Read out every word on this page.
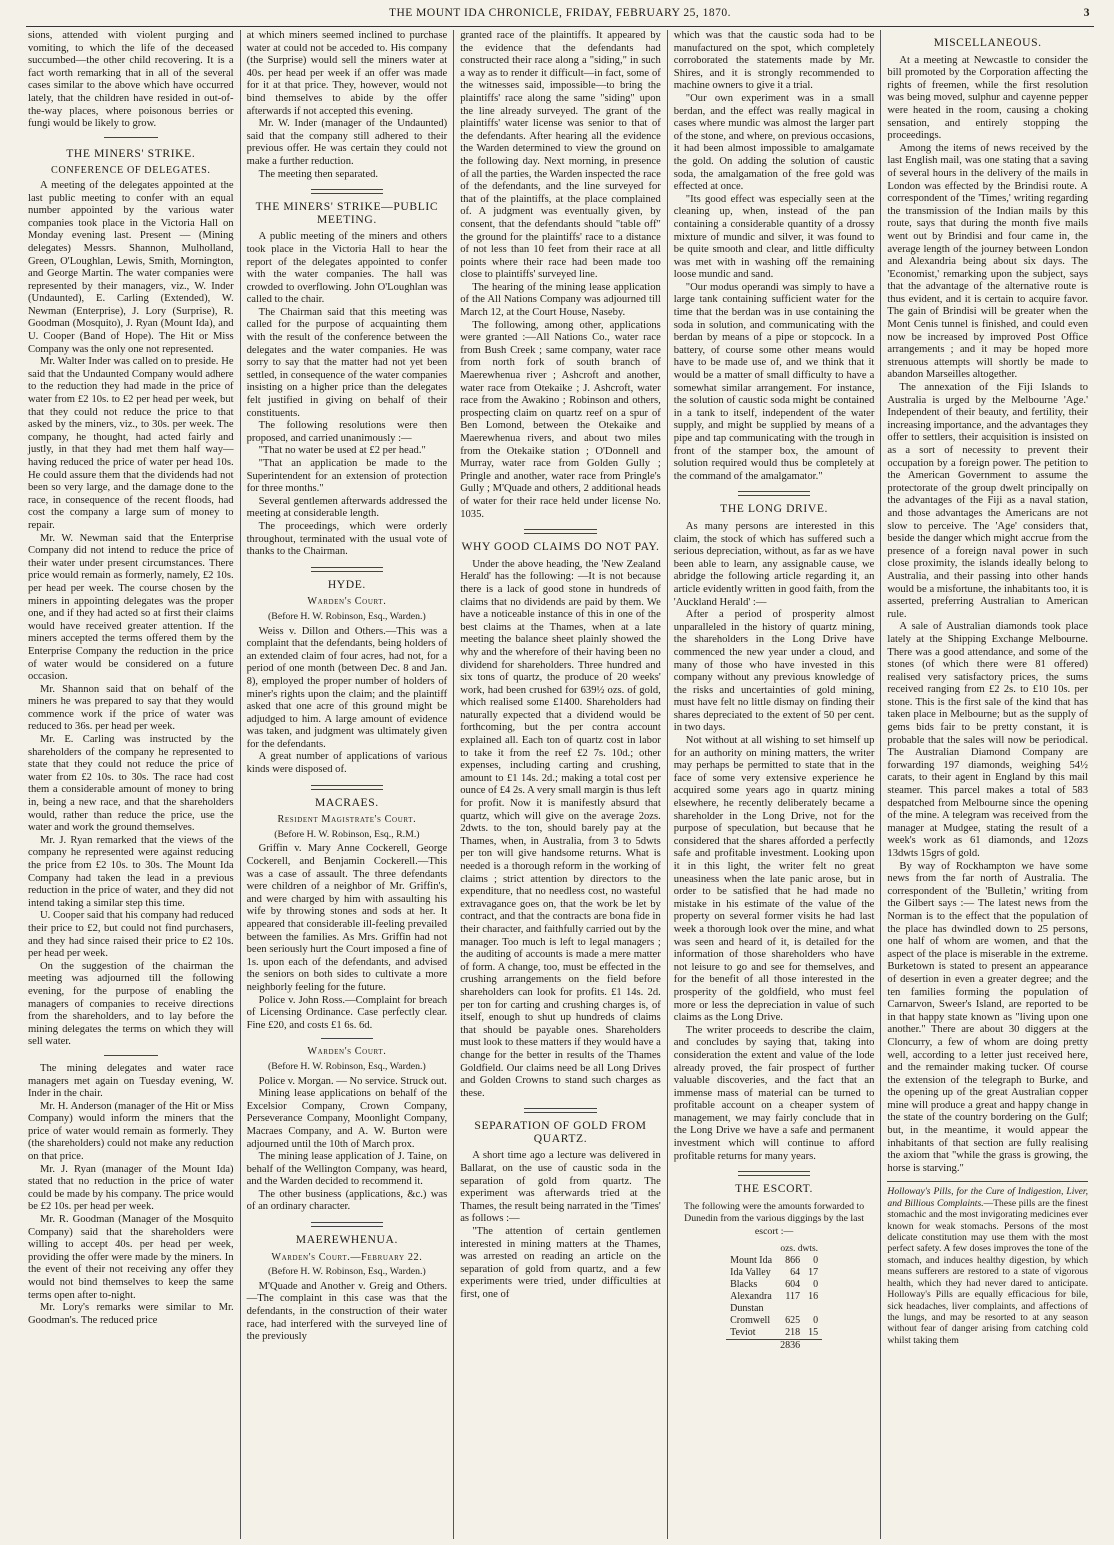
THE MOUNT IDA CHRONICLE, FRIDAY, FEBRUARY 25, 1870.	3

sions, attended with violent purging and vomiting, to which the life of the deceased succumbed—the other child recovering. It is a fact worth remarking that in all of the several cases similar to the above which have occurred lately, that the children have resided in out-of-the-way places, where poisonous berries or fungi would be likely to grow.

THE MINERS' STRIKE.
CONFERENCE OF DELEGATES.

A meeting of the delegates appointed at the last public meeting to confer with an equal number appointed by the various water companies took place in the Victoria Hall on Monday evening last. Present — (Mining delegates) Messrs. Shannon, Mulholland, Green, O'Loughlan, Lewis, Smith, Mornington, and George Martin. The water companies were represented by their managers, viz., W. Inder (Undaunted), E. Carling (Extended), W. Newman (Enterprise), J. Lory (Surprise), R. Goodman (Mosquito), J. Ryan (Mount Ida), and U. Cooper (Band of Hope). The Hit or Miss Company was the only one not represented.

Mr. Walter Inder was called on to preside. He said that the Undaunted Company would adhere to the reduction they had made in the price of water from £2 10s. to £2 per head per week, but that they could not reduce the price to that asked by the miners, viz., to 30s. per week. The company, he thought, had acted fairly and justly, in that they had met them half way—having reduced the price of water per head 10s. He could assure them that the dividends had not been so very large, and the damage done to the race, in consequence of the recent floods, had cost the company a large sum of money to repair.

Mr. W. Newman said that the Enterprise Company did not intend to reduce the price of their water under present circumstances. There price would remain as formerly, namely, £2 10s. per head per week. The course chosen by the miners in appointing delegates was the proper one, and if they had acted so at first their claims would have received greater attention. If the miners accepted the terms offered them by the Enterprise Company the reduction in the price of water would be considered on a future occasion.

Mr. Shannon said that on behalf of the miners he was prepared to say that they would commence work if the price of water was reduced to 36s. per head per week.

Mr. E. Carling was instructed by the shareholders of the company he represented to state that they could not reduce the price of water from £2 10s. to 30s. The race had cost them a considerable amount of money to bring in, being a new race, and that the shareholders would, rather than reduce the price, use the water and work the ground themselves.

Mr. J. Ryan remarked that the views of the company he represented were against reducing the price from £2 10s. to 30s. The Mount Ida Company had taken the lead in a previous reduction in the price of water, and they did not intend taking a similar step this time.

U. Cooper said that his company had reduced their price to £2, but could not find purchasers, and they had since raised their price to £2 10s. per head per week.

On the suggestion of the chairman the meeting was adjourned till the following evening, for the purpose of enabling the managers of companies to receive directions from the shareholders, and to lay before the mining delegates the terms on which they will sell water.

The mining delegates and water race managers met again on Tuesday evening, W. Inder in the chair.

Mr. H. Anderson (manager of the Hit or Miss Company) would inform the miners that the price of water would remain as formerly. They (the shareholders) could not make any reduction on that price.

Mr. J. Ryan (manager of the Mount Ida) stated that no reduction in the price of water could be made by his company. The price would be £2 10s. per head per week.

Mr. R. Goodman (Manager of the Mosquito Company) said that the shareholders were willing to accept 40s. per head per week, providing the offer were made by the miners. In the event of their not receiving any offer they would not bind themselves to keep the same terms open after to-night.

Mr. Lory's remarks were similar to Mr. Goodman's. The reduced price

at which miners seemed inclined to purchase water at could not be acceded to. His company (the Surprise) would sell the miners water at 40s. per head per week if an offer was made for it at that price. They, however, would not bind themselves to abide by the offer afterwards if not accepted this evening.

Mr. W. Inder (manager of the Undaunted) said that the company still adhered to their previous offer. He was certain they could not make a further reduction.

The meeting then separated.

THE MINERS' STRIKE—PUBLIC MEETING.

A public meeting of the miners and others took place in the Victoria Hall to hear the report of the delegates appointed to confer with the water companies. The hall was crowded to overflowing. John O'Loughlan was called to the chair.

The Chairman said that this meeting was called for the purpose of acquainting them with the result of the conference between the delegates and the water companies. He was sorry to say that the matter had not yet been settled, in consequence of the water companies insisting on a higher price than the delegates felt justified in giving on behalf of their constituents.

The following resolutions were then proposed, and carried unanimously :—

"That no water be used at £2 per head."

"That an application be made to the Superintendent for an extension of protection for three months."

Several gentlemen afterwards addressed the meeting at considerable length.

The proceedings, which were orderly throughout, terminated with the usual vote of thanks to the Chairman.

HYDE.
Warden's Court.
(Before H. W. Robinson, Esq., Warden.)

Weiss v. Dillon and Others.—This was a complaint that the defendants, being holders of an extended claim of four acres, had not, for a period of one month (between Dec. 8 and Jan. 8), employed the proper number of holders of miner's rights upon the claim; and the plaintiff asked that one acre of this ground might be adjudged to him. A large amount of evidence was taken, and judgment was ultimately given for the defendants.

A great number of applications of various kinds were disposed of.

MACRAES.
Resident Magistrate's Court.
(Before H. W. Robinson, Esq., R.M.)

Griffin v. Mary Anne Cockerell, George Cockerell, and Benjamin Cockerell.—This was a case of assault. The three defendants were children of a neighbor of Mr. Griffin's, and were charged by him with assaulting his wife by throwing stones and sods at her. It appeared that considerable ill-feeling prevailed between the families. As Mrs. Griffin had not been seriously hurt the Court imposed a fine of 1s. upon each of the defendants, and advised the seniors on both sides to cultivate a more neighborly feeling for the future.

Police v. John Ross.—Complaint for breach of Licensing Ordinance. Case perfectly clear. Fine £20, and costs £1 6s. 6d.

Warden's Court.
(Before H. W. Robinson, Esq., Warden.)

Police v. Morgan. — No service. Struck out.

Mining lease applications on behalf of the Excelsior Company, Crown Company, Perseverance Company, Moonlight Company, Macraes Company, and A. W. Burton were adjourned until the 10th of March prox.

The mining lease application of J. Taine, on behalf of the Wellington Company, was heard, and the Warden decided to recommend it.

The other business (applications, &c.) was of an ordinary character.

MAEREWHENUA.
Warden's Court.—February 22.
(Before H. W. Robinson, Esq., Warden.)

M'Quade and Another v. Greig and Others.—The complaint in this case was that the defendants, in the construction of their water race, had interfered with the surveyed line of the previously

granted race of the plaintiffs. It appeared by the evidence that the defendants had constructed their race along a "siding," in such a way as to render it difficult—in fact, some of the witnesses said, impossible—to bring the plaintiffs' race along the same "siding" upon the line already surveyed. The grant of the plaintiffs' water license was senior to that of the defendants. After hearing all the evidence the Warden determined to view the ground on the following day. Next morning, in presence of all the parties, the Warden inspected the race of the defendants, and the line surveyed for that of the plaintiffs, at the place complained of. A judgment was eventually given, by consent, that the defendants should "table off" the ground for the plaintiffs' race to a distance of not less than 10 feet from their race at all points where their race had been made too close to plaintiffs' surveyed line.

The hearing of the mining lease application of the All Nations Company was adjourned till March 12, at the Court House, Naseby.

The following, among other, applications were granted :—All Nations Co., water race from Bush Creek ; same company, water race from north fork of south branch of Maerewhenua river ; Ashcroft and another, water race from Otekaike ; J. Ashcroft, water race from the Awakino ; Robinson and others, prospecting claim on quartz reef on a spur of Ben Lomond, between the Otekaike and Maerewhenua rivers, and about two miles from the Otekaike station ; O'Donnell and Murray, water race from Golden Gully ; Pringle and another, water race from Pringle's Gully ; M'Quade and others, 2 additional heads of water for their race held under license No. 1035.

WHY GOOD CLAIMS DO NOT PAY.

Under the above heading, the 'New Zealand Herald' has the following: —It is not because there is a lack of good stone in hundreds of claims that no dividends are paid by them. We have a noticeable instance of this in one of the best claims at the Thames, when at a late meeting the balance sheet plainly showed the why and the wherefore of their having been no dividend for shareholders. Three hundred and six tons of quartz, the produce of 20 weeks' work, had been crushed for 639½ ozs. of gold, which realised some £1400. Shareholders had naturally expected that a dividend would be forthcoming, but the per contra account explained all. Each ton of quartz cost in labor to take it from the reef £2 7s. 10d.; other expenses, including carting and crushing, amount to £1 14s. 2d.; making a total cost per ounce of £4 2s. A very small margin is thus left for profit. Now it is manifestly absurd that quartz, which will give on the average 2ozs. 2dwts. to the ton, should barely pay at the Thames, when, in Australia, from 3 to 5dwts per ton will give handsome returns. What is needed is a thorough reform in the working of claims ; strict attention by directors to the expenditure, that no needless cost, no wasteful extravagance goes on, that the work be let by contract, and that the contracts are bona fide in their character, and faithfully carried out by the manager. Too much is left to legal managers ; the auditing of accounts is made a mere matter of form. A change, too, must be effected in the crushing arrangements on the field before shareholders can look for profits. £1 14s. 2d. per ton for carting and crushing charges is, of itself, enough to shut up hundreds of claims that should be payable ones. Shareholders must look to these matters if they would have a change for the better in results of the Thames Goldfield. Our claims need be all Long Drives and Golden Crowns to stand such charges as these.

SEPARATION OF GOLD FROM QUARTZ.

A short time ago a lecture was delivered in Ballarat, on the use of caustic soda in the separation of gold from quartz. The experiment was afterwards tried at the Thames, the result being narrated in the 'Times' as follows :—

"The attention of certain gentlemen interested in mining matters at the Thames, was arrested on reading an article on the separation of gold from quartz, and a few experiments were tried, under difficulties at first, one of

which was that the caustic soda had to be manufactured on the spot, which completely corroborated the statements made by Mr. Shires, and it is strongly recommended to machine owners to give it a trial.

"Our own experiment was in a small berdan, and the effect was really magical in cases where mundic was almost the larger part of the stone, and where, on previous occasions, it had been almost impossible to amalgamate the gold. On adding the solution of caustic soda, the amalgamation of the free gold was effected at once.

"Its good effect was especially seen at the cleaning up, when, instead of the pan containing a considerable quantity of a drossy mixture of mundic and silver, it was found to be quite smooth and clear, and little difficulty was met with in washing off the remaining loose mundic and sand.

"Our modus operandi was simply to have a large tank containing sufficient water for the time that the berdan was in use containing the soda in solution, and communicating with the berdan by means of a pipe or stopcock. In a battery, of course some other means would have to be made use of, and we think that it would be a matter of small difficulty to have a somewhat similar arrangement. For instance, the solution of caustic soda might be contained in a tank to itself, independent of the water supply, and might be supplied by means of a pipe and tap communicating with the trough in front of the stamper box, the amount of solution required would thus be completely at the command of the amalgamator."

THE LONG DRIVE.

As many persons are interested in this claim, the stock of which has suffered such a serious depreciation, without, as far as we have been able to learn, any assignable cause, we abridge the following article regarding it, an article evidently written in good faith, from the 'Auckland Herald' :—

After a period of prosperity almost unparalleled in the history of quartz mining, the shareholders in the Long Drive have commenced the new year under a cloud, and many of those who have invested in this company without any previous knowledge of the risks and uncertainties of gold mining, must have felt no little dismay on finding their shares depreciated to the extent of 50 per cent. in two days.

Not without at all wishing to set himself up for an authority on mining matters, the writer may perhaps be permitted to state that in the face of some very extensive experience he acquired some years ago in quartz mining elsewhere, he recently deliberately became a shareholder in the Long Drive, not for the purpose of speculation, but because that he considered that the shares afforded a perfectly safe and profitable investment. Looking upon it in this light, the writer felt no great uneasiness when the late panic arose, but in order to be satisfied that he had made no mistake in his estimate of the value of the property on several former visits he had last week a thorough look over the mine, and what was seen and heard of it, is detailed for the information of those shareholders who have not leisure to go and see for themselves, and for the benefit of all those interested in the prosperity of the goldfield, who must feel more or less the depreciation in value of such claims as the Long Drive.

The writer proceeds to describe the claim, and concludes by saying that, taking into consideration the extent and value of the lode already proved, the fair prospect of further valuable discoveries, and the fact that an immense mass of material can be turned to profitable account on a cheaper system of management, we may fairly conclude that in the Long Drive we have a safe and permanent investment which will continue to afford profitable returns for many years.

THE ESCORT.
The following were the amounts forwarded to Dunedin from the various diggings by the last escort :—
	ozs. dwts.	
Mount Ida	866	0
Ida Valley	64	17
Blacks	604	0
Alexandra	117	16
Dunstan		
Cromwell	625	0
Teviot	218	15
	2836	
MISCELLANEOUS.

At a meeting at Newcastle to consider the bill promoted by the Corporation affecting the rights of freemen, while the first resolution was being moved, sulphur and cayenne pepper were heated in the room, causing a choking sensation, and entirely stopping the proceedings.

Among the items of news received by the last English mail, was one stating that a saving of several hours in the delivery of the mails in London was effected by the Brindisi route. A correspondent of the 'Times,' writing regarding the transmission of the Indian mails by this route, says that during the month five mails went out by Brindisi and four came in, the average length of the journey between London and Alexandria being about six days. The 'Economist,' remarking upon the subject, says that the advantage of the alternative route is thus evident, and it is certain to acquire favor. The gain of Brindisi will be greater when the Mont Cenis tunnel is finished, and could even now be increased by improved Post Office arrangements ; and it may be hoped more strenuous attempts will shortly be made to abandon Marseilles altogether.

The annexation of the Fiji Islands to Australia is urged by the Melbourne 'Age.' Independent of their beauty, and fertility, their increasing importance, and the advantages they offer to settlers, their acquisition is insisted on as a sort of necessity to prevent their occupation by a foreign power. The petition to the American Government to assume the protectorate of the group dwelt principally on the advantages of the Fiji as a naval station, and those advantages the Americans are not slow to perceive. The 'Age' considers that, beside the danger which might accrue from the presence of a foreign naval power in such close proximity, the islands ideally belong to Australia, and their passing into other hands would be a misfortune, the inhabitants too, it is asserted, preferring Australian to American rule.

A sale of Australian diamonds took place lately at the Shipping Exchange Melbourne. There was a good attendance, and some of the stones (of which there were 81 offered) realised very satisfactory prices, the sums received ranging from £2 2s. to £10 10s. per stone. This is the first sale of the kind that has taken place in Melbourne; but as the supply of gems bids fair to be pretty constant, it is probable that the sales will now be periodical. The Australian Diamond Company are forwarding 197 diamonds, weighing 54½ carats, to their agent in England by this mail steamer. This parcel makes a total of 583 despatched from Melbourne since the opening of the mine. A telegram was received from the manager at Mudgee, stating the result of a week's work as 61 diamonds, and 12ozs 13dwts 15grs of gold.

By way of Rockhampton we have some news from the far north of Australia. The correspondent of the 'Bulletin,' writing from the Gilbert says :— The latest news from the Norman is to the effect that the population of the place has dwindled down to 25 persons, one half of whom are women, and that the aspect of the place is miserable in the extreme. Burketown is stated to present an appearance of desertion in even a greater degree; and the ten families forming the population of Carnarvon, Sweer's Island, are reported to be in that happy state known as "living upon one another." There are about 30 diggers at the Cloncurry, a few of whom are doing pretty well, according to a letter just received here, and the remainder making tucker. Of course the extension of the telegraph to Burke, and the opening up of the great Australian copper mine will produce a great and happy change in the state of the country bordering on the Gulf; but, in the meantime, it would appear the inhabitants of that section are fully realising the axiom that "while the grass is growing, the horse is starving."

Holloway's Pills, for the Cure of Indigestion, Liver, and Billious Complaints.—These pills are the finest stomachic and the most invigorating medicines ever known for weak stomachs. Persons of the most delicate constitution may use them with the most perfect safety. A few doses improves the tone of the stomach, and induces healthy digestion, by which means sufferers are restored to a state of vigorous health, which they had never dared to anticipate. Holloway's Pills are equally efficacious for bile, sick headaches, liver complaints, and affections of the lungs, and may be resorted to at any season without fear of danger arising from catching cold whilst taking them
